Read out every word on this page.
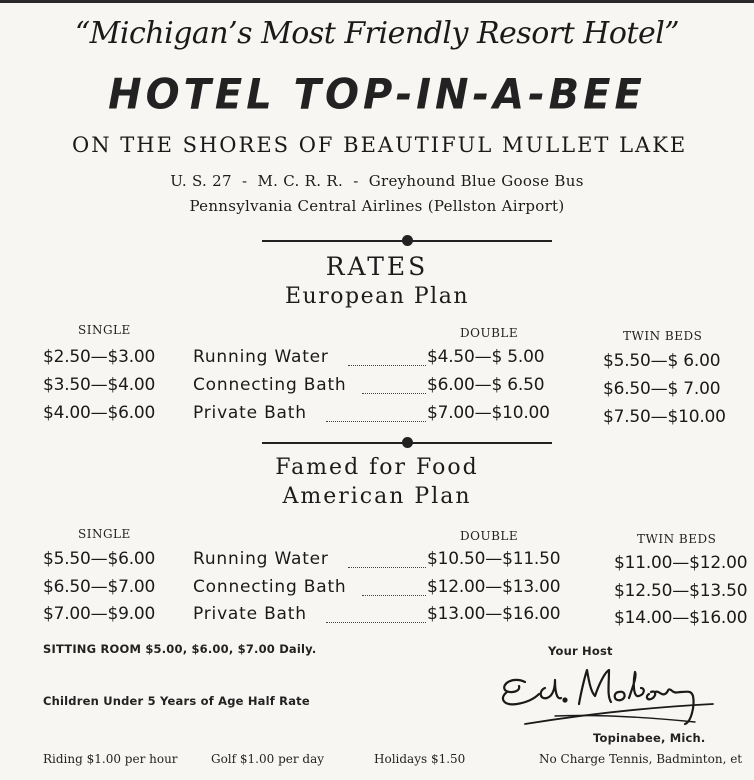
“Michigan’s Most Friendly Resort Hotel”
HOTEL TOP-IN-A-BEE
ON THE SHORES OF BEAUTIFUL MULLET LAKE
U. S. 27  -  M. C. R. R.  -  Greyhound Blue Goose Bus
Pennsylvania Central Airlines (Pellston Airport)
RATES
European Plan
SINGLE	DOUBLE	TWIN BEDS
$2.50—$3.00 Running Water	$4.50—$ 5.00	$5.50—$ 6.00
$3.50—$4.00 Connecting Bath	$6.00—$ 6.50	$6.50—$ 7.00
$4.00—$6.00 Private Bath	$7.00—$10.00	$7.50—$10.00
Famed for Food
American Plan
SINGLE	DOUBLE	TWIN BEDS
$5.50—$6.00 Running Water	$10.50—$11.50	$11.00—$12.00
$6.50—$7.00 Connecting Bath	$12.00—$13.00	$12.50—$13.50
$7.00—$9.00 Private Bath	$13.00—$16.00	$14.00—$16.00
SITTING ROOM $5.00, $6.00, $7.00 Daily.
Children Under 5 Years of Age Half Rate
Your Host
Topinabee, Mich.
Riding $1.00 per hour	Golf $1.00 per day	Holidays $1.50	No Charge Tennis, Badminton, et
